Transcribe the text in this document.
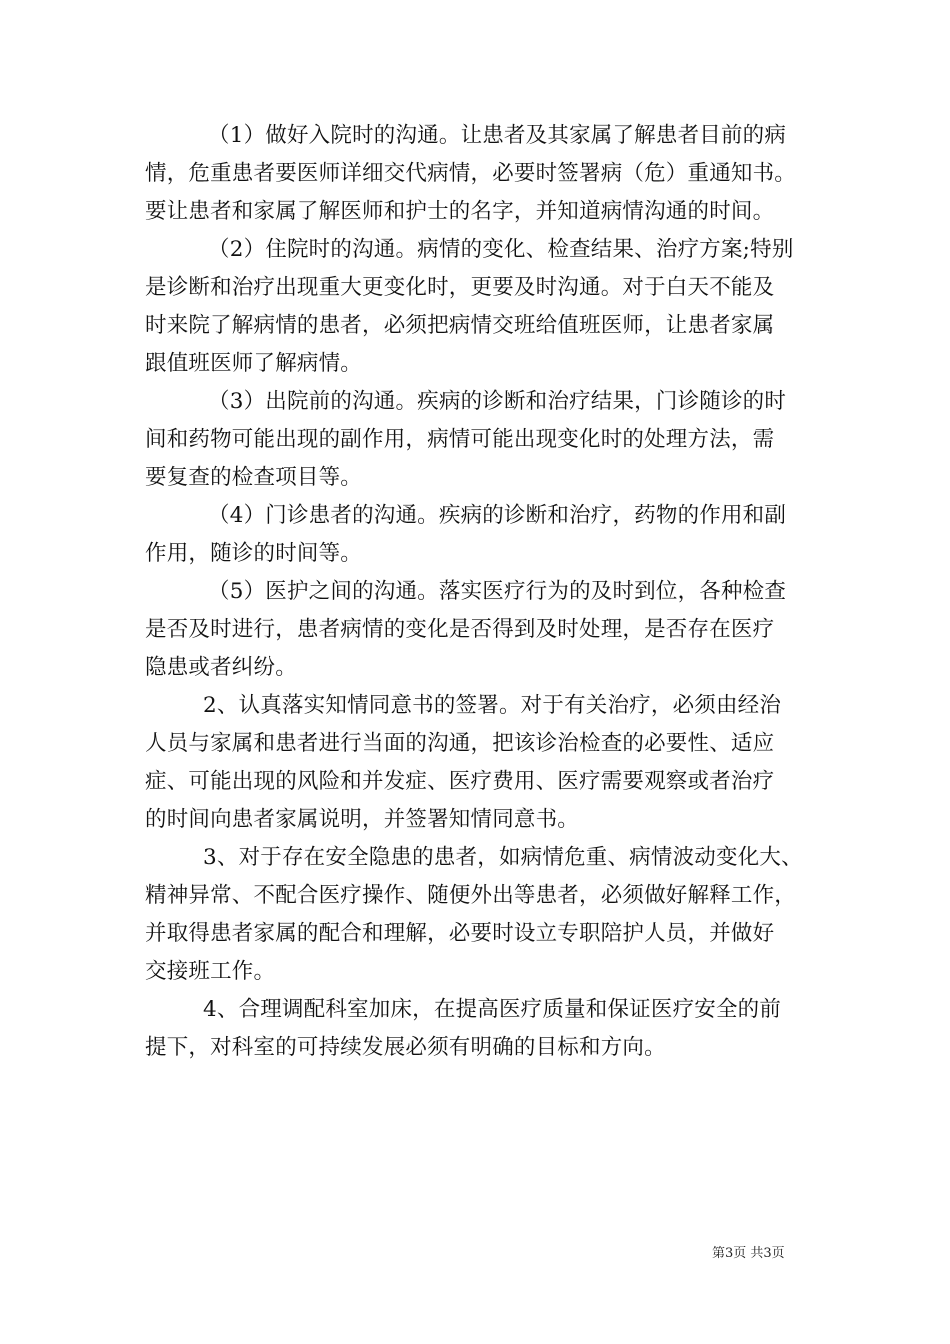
（1）做好入院时的沟通。让患者及其家属了解患者目前的病
情，危重患者要医师详细交代病情，必要时签署病（危）重通知书。
要让患者和家属了解医师和护士的名字，并知道病情沟通的时间。
（2）住院时的沟通。病情的变化、检查结果、治疗方案;特别
是诊断和治疗出现重大更变化时，更要及时沟通。对于白天不能及
时来院了解病情的患者，必须把病情交班给值班医师，让患者家属
跟值班医师了解病情。
（3）出院前的沟通。疾病的诊断和治疗结果，门诊随诊的时
间和药物可能出现的副作用，病情可能出现变化时的处理方法，需
要复查的检查项目等。
（4）门诊患者的沟通。疾病的诊断和治疗，药物的作用和副
作用，随诊的时间等。
（5）医护之间的沟通。落实医疗行为的及时到位，各种检查
是否及时进行，患者病情的变化是否得到及时处理，是否存在医疗
隐患或者纠纷。
2、认真落实知情同意书的签署。对于有关治疗，必须由经治
人员与家属和患者进行当面的沟通，把该诊治检查的必要性、适应
症、可能出现的风险和并发症、医疗费用、医疗需要观察或者治疗
的时间向患者家属说明，并签署知情同意书。
3、对于存在安全隐患的患者，如病情危重、病情波动变化大、
精神异常、不配合医疗操作、随便外出等患者，必须做好解释工作，
并取得患者家属的配合和理解，必要时设立专职陪护人员，并做好
交接班工作。
4、合理调配科室加床，在提高医疗质量和保证医疗安全的前
提下，对科室的可持续发展必须有明确的目标和方向。
第3页 共3页
